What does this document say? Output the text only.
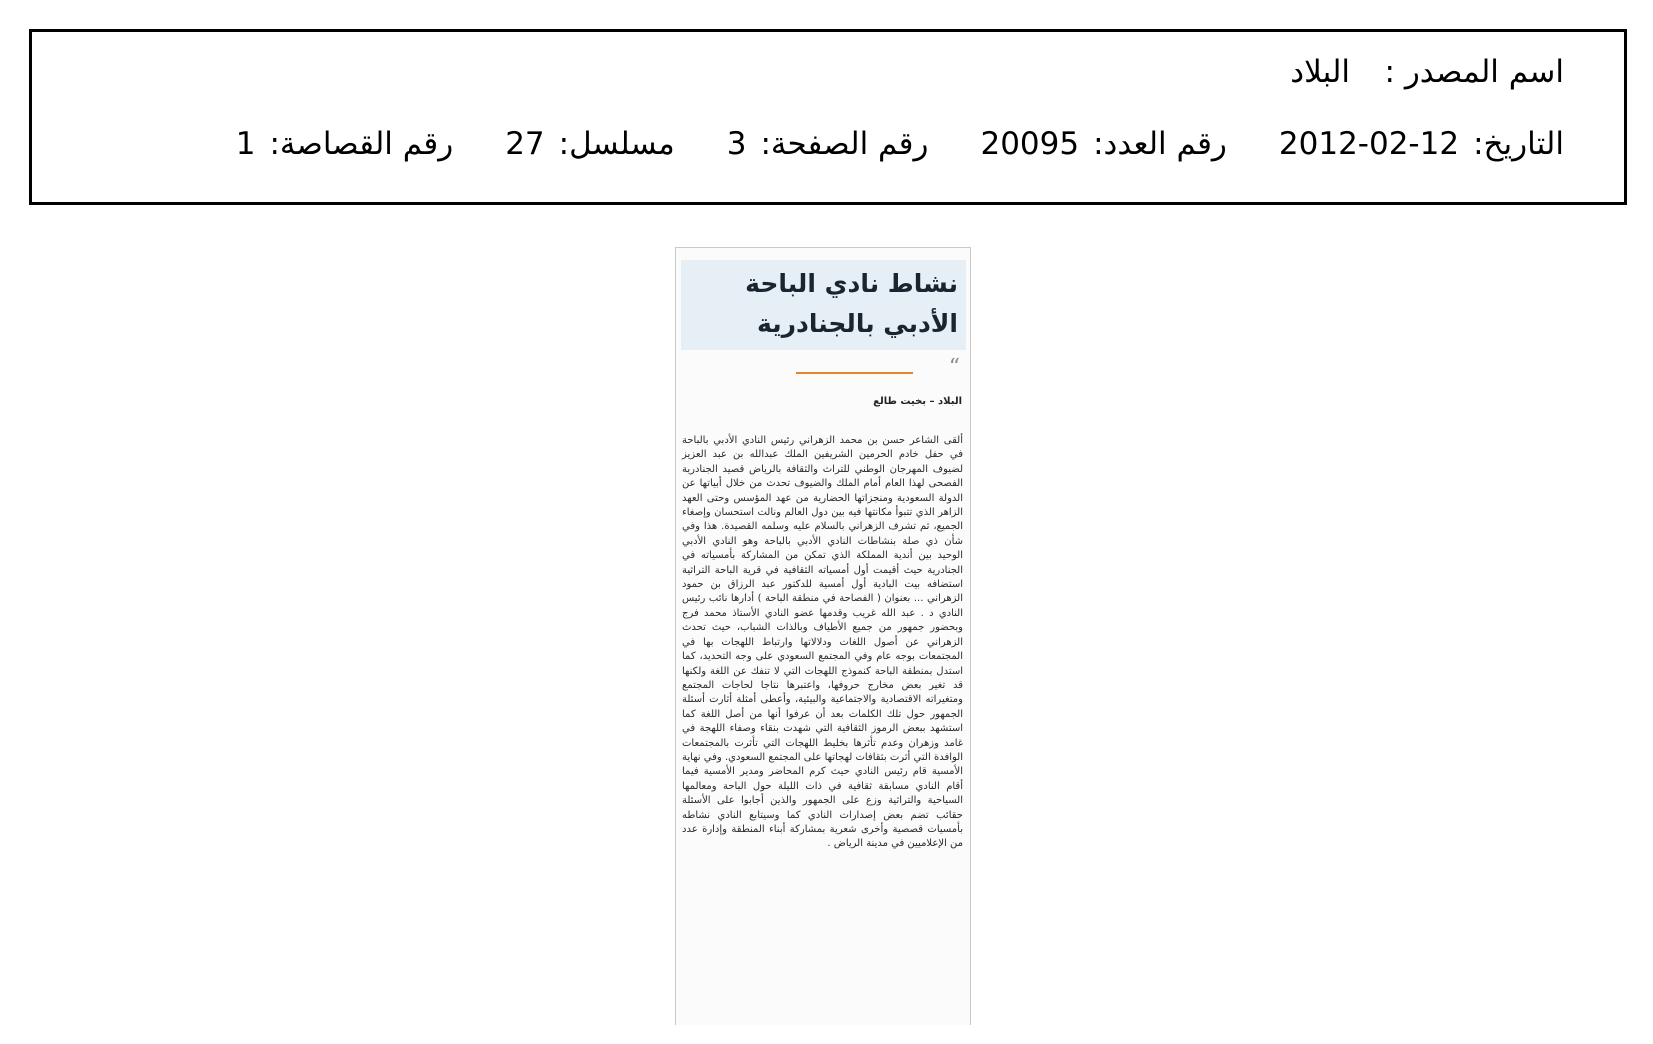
اسم المصدر :
البلاد
التاريخ:
2012-02-12
رقم العدد:
20095
رقم الصفحة:
3
مسلسل:
27
رقم القصاصة:
1
نشاط نادي الباحة الأدبي بالجنادرية
“
البلاد – بخيت طالع
ألقى الشاعر حسن بن محمد الزهراني رئيس النادي الأدبي بالباحة في حفل خادم الحرمين الشريفين الملك عبدالله بن عبد العزيز لضيوف المهرجان الوطني للتراث والثقافة بالرياض قصيد الجنادرية الفصحى لهذا العام أمام الملك والضيوف تحدث من خلال أبياتها عن الدولة السعودية ومنجزاتها الحضارية من عهد المؤسس وحتى العهد الزاهر الذي تتبوأ مكانتها فيه بين دول العالم ونالت استحسان وإصغاء الجميع، ثم تشرف الزهراني بالسلام عليه وسلمه القصيدة. هذا وفي شأن ذي صلة بنشاطات النادي الأدبي بالباحة وهو النادي الأدبي الوحيد بين أندية المملكة الذي تمكن من المشاركة بأمسياته في الجنادرية حيث أقيمت أول أمسياته الثقافية في قرية الباحة التراثية استضافه بيت البادية أول أمسية للدكتور عبد الرزاق بن حمود الزهراني ... بعنوان ( الفصاحة في منطقة الباحة ) أدارها نائب رئيس النادي د . عبد الله غريب وقدمها عضو النادي الأستاذ محمد فرج وبحضور جمهور من جميع الأطياف وبالذات الشباب، حيث تحدث الزهراني عن أصول اللغات ودلالاتها وارتباط اللهجات بها في المجتمعات بوجه عام وفي المجتمع السعودي على وجه التحديد، كما استدل بمنطقة الباحة كنموذج اللهجات التي لا تنفك عن اللغة ولكنها قد تغير بعض مخارج حروفها، واعتبرها نتاجا لحاجات المجتمع ومتغيراته الاقتصادية والاجتماعية والبيئية، وأعطى أمثلة أثارت أسئلة الجمهور حول تلك الكلمات بعد أن عرفوا أنها من أصل اللغة كما استشهد ببعض الرموز الثقافية التي شهدت بنقاء وصفاء اللهجة في غامد وزهران وعدم تأثرها بخليط اللهجات التي تأثرت بالمجتمعات الوافدة التي أثرت بثقافات لهجاتها على المجتمع السعودي. وفي نهاية الأمسية قام رئيس النادي حيث كرم المحاضر ومدير الأمسية فيما أقام النادي مسابقة ثقافية في ذات الليلة حول الباحة ومعالمها السياحية والتراثية وزع على الجمهور والذين أجابوا على الأسئلة حقائب تضم بعض إصدارات النادي كما وسيتابع النادي نشاطه بأمسيات قصصية وأخرى شعرية بمشاركة أبناء المنطقة وإدارة عدد من الإعلاميين في مدينة الرياض .
